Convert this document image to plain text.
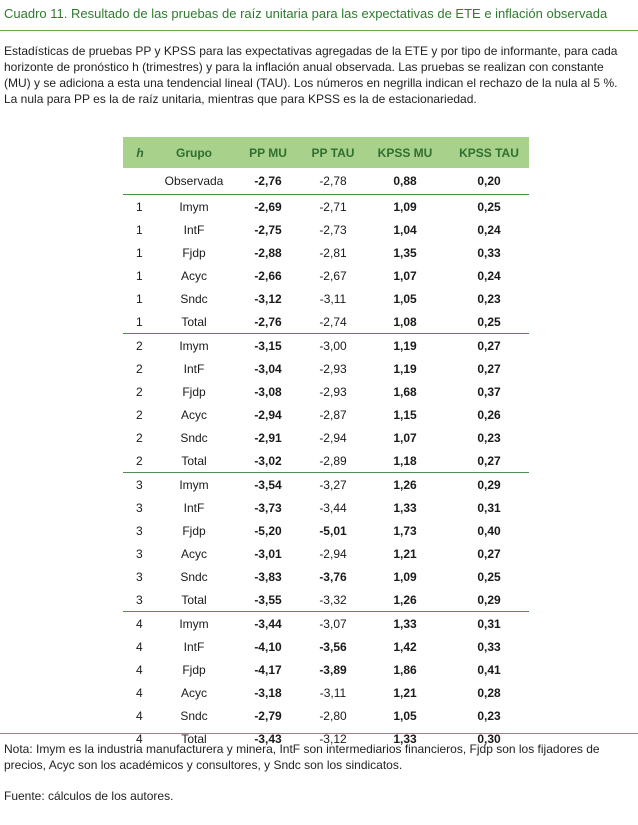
Cuadro 11. Resultado de las pruebas de raíz unitaria para las expectativas de ETE e inflación observada
Estadísticas de pruebas PP y KPSS para las expectativas agregadas de la ETE y por tipo de informante, para cada horizonte de pronóstico h (trimestres) y para la inflación anual observada. Las pruebas se realizan con constante (MU) y se adiciona a esta una tendencial lineal (TAU). Los números en negrilla indican el rechazo de la nula al 5 %. La nula para PP es la de raíz unitaria, mientras que para KPSS es la de estacionariedad.
h	Grupo	PP MU	PP TAU	KPSS MU	KPSS TAU
	Observada	-2,76	-2,78	0,88	0,20
1	Imym	-2,69	-2,71	1,09	0,25
1	IntF	-2,75	-2,73	1,04	0,24
1	Fjdp	-2,88	-2,81	1,35	0,33
1	Acyc	-2,66	-2,67	1,07	0,24
1	Sndc	-3,12	-3,11	1,05	0,23
1	Total	-2,76	-2,74	1,08	0,25
2	Imym	-3,15	-3,00	1,19	0,27
2	IntF	-3,04	-2,93	1,19	0,27
2	Fjdp	-3,08	-2,93	1,68	0,37
2	Acyc	-2,94	-2,87	1,15	0,26
2	Sndc	-2,91	-2,94	1,07	0,23
2	Total	-3,02	-2,89	1,18	0,27
3	Imym	-3,54	-3,27	1,26	0,29
3	IntF	-3,73	-3,44	1,33	0,31
3	Fjdp	-5,20	-5,01	1,73	0,40
3	Acyc	-3,01	-2,94	1,21	0,27
3	Sndc	-3,83	-3,76	1,09	0,25
3	Total	-3,55	-3,32	1,26	0,29
4	Imym	-3,44	-3,07	1,33	0,31
4	IntF	-4,10	-3,56	1,42	0,33
4	Fjdp	-4,17	-3,89	1,86	0,41
4	Acyc	-3,18	-3,11	1,21	0,28
4	Sndc	-2,79	-2,80	1,05	0,23
4	Total	-3,43	-3,12	1,33	0,30
Nota: Imym es la industria manufacturera y minera, IntF son intermediarios financieros, Fjdp son los fijadores de precios, Acyc son los académicos y consultores, y Sndc son los sindicatos.
Fuente: cálculos de los autores.
